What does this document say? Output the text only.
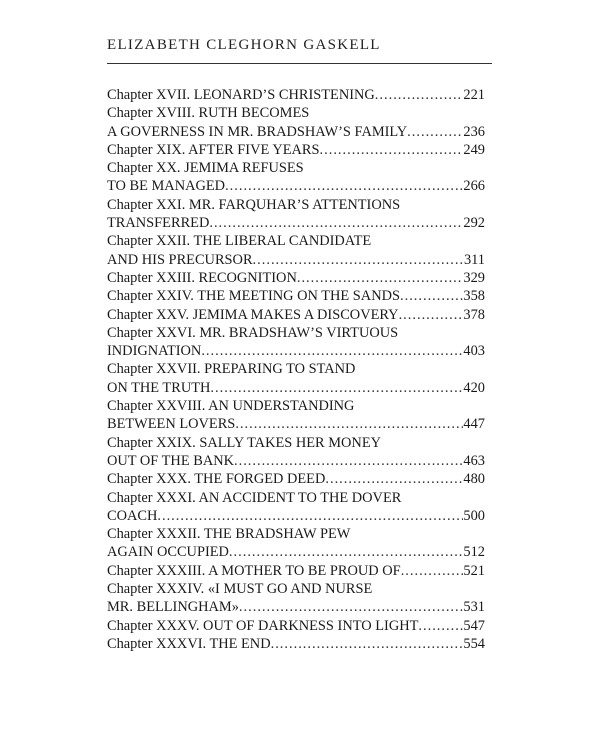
ELIZABETH CLEGHORN GASKELL
Chapter XVII. LEONARD’S CHRISTENING .....	221
Chapter XVIII. RUTH BECOMES
A GOVERNESS IN MR. BRADSHAW’S FAMILY .....	236
Chapter XIX. AFTER FIVE YEARS .....	249
Chapter XX. JEMIMA REFUSES
TO BE MANAGED .....	266
Chapter XXI. MR. FARQUHAR’S ATTENTIONS
TRANSFERRED .....	292
Chapter XXII. THE LIBERAL CANDIDATE
AND HIS PRECURSOR .....	311
Chapter XXIII. RECOGNITION .....	329
Chapter XXIV. THE MEETING ON THE SANDS .....	358
Chapter XXV. JEMIMA MAKES A DISCOVERY .....	378
Chapter XXVI. MR. BRADSHAW’S VIRTUOUS
INDIGNATION .....	403
Chapter XXVII. PREPARING TO STAND
ON THE TRUTH .....	420
Chapter XXVIII. AN UNDERSTANDING
BETWEEN LOVERS .....	447
Chapter XXIX. SALLY TAKES HER MONEY
OUT OF THE BANK .....	463
Chapter XXX. THE FORGED DEED .....	480
Chapter XXXI. AN ACCIDENT TO THE DOVER
COACH .....	500
Chapter XXXII. THE BRADSHAW PEW
AGAIN OCCUPIED .....	512
Chapter XXXIII. A MOTHER TO BE PROUD OF .....	521
Chapter XXXIV. «I MUST GO AND NURSE
MR. BELLINGHAM» .....	531
Chapter XXXV. OUT OF DARKNESS INTO LIGHT .....	547
Chapter XXXVI. THE END .....	554
